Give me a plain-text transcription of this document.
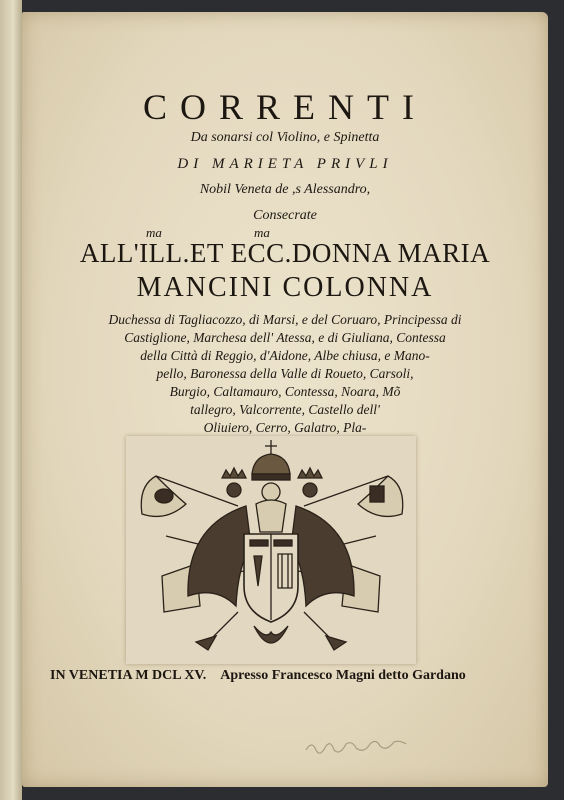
CORRENTI
Da sonarsi col Violino, e Spinetta
DI MARIETA PRIVLI
Nobil Veneta de ,s Alessandro,
Consecrate
ma	ma
ALL'ILL.ET ECC.DONNA MARIA
MANCINI COLONNA
Duchessa di Tagliacozzo, di Marsi, e del Coruaro, Principessa di
Castiglione, Marchesa dell' Atessa, e di Giuliana, Contessa
della Città di Reggio, d'Aidone, Albe chiusa, e Mano-
pello, Baronessa della Valle di Roueto, Carsoli,
Burgio, Caltamauro, Contessa, Noara, Mõ
tallegro, Valcorrente, Castello dell'
Oliuiero, Cerro, Galatro, Pla-
IN VENETIA M DCL XV. Apresso Francesco Magni detto Gardano
